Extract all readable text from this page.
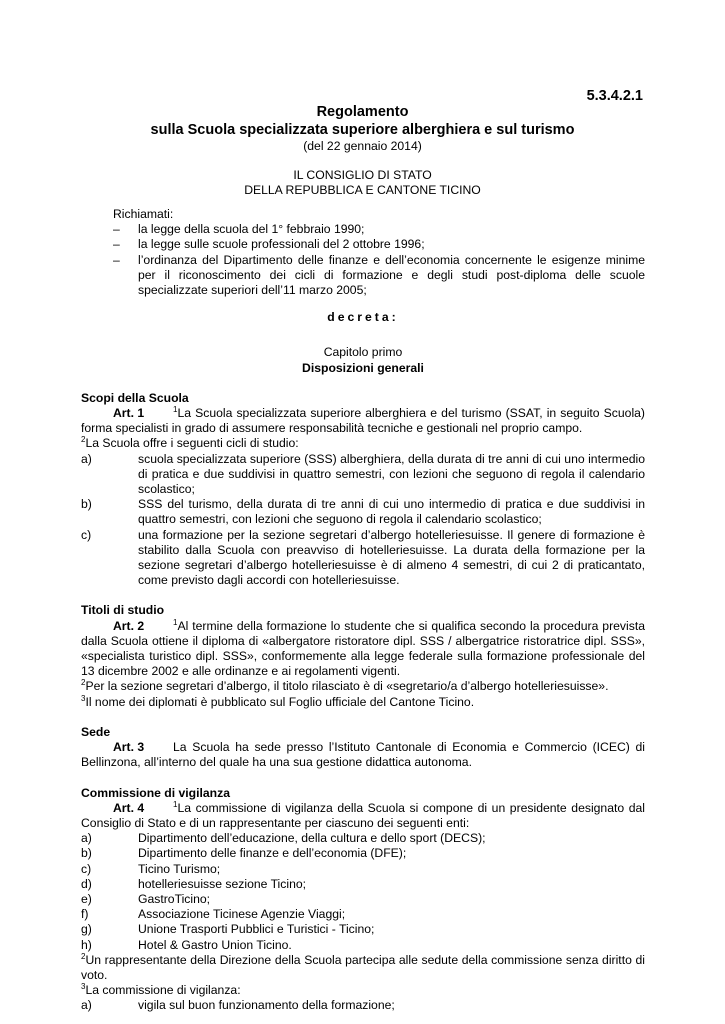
5.3.4.2.1
Regolamento
sulla Scuola specializzata superiore alberghiera e sul turismo
(del 22 gennaio 2014)
IL CONSIGLIO DI STATO
DELLA REPUBBLICA E CANTONE TICINO
Richiamati:
– la legge della scuola del 1° febbraio 1990;
– la legge sulle scuole professionali del 2 ottobre 1996;
– l’ordinanza del Dipartimento delle finanze e dell’economia concernente le esigenze minime per il riconoscimento dei cicli di formazione e degli studi post-diploma delle scuole specializzate superiori dell’11 marzo 2005;
decreta:
Capitolo primo
Disposizioni generali
Scopi della Scuola
Art. 1	$^1$La Scuola specializzata superiore alberghiera e del turismo (SSAT, in seguito Scuola) forma specialisti in grado di assumere responsabilità tecniche e gestionali nel proprio campo.
$^2$La Scuola offre i seguenti cicli di studio:
a)	scuola specializzata superiore (SSS) alberghiera, della durata di tre anni di cui uno intermedio di pratica e due suddivisi in quattro semestri, con lezioni che seguono di regola il calendario scolastico;
b)	SSS del turismo, della durata di tre anni di cui uno intermedio di pratica e due suddivisi in quattro semestri, con lezioni che seguono di regola il calendario scolastico;
c)	una formazione per la sezione segretari d’albergo hotelleriesuisse. Il genere di formazione è stabilito dalla Scuola con preavviso di hotelleriesuisse. La durata della formazione per la sezione segretari d’albergo hotelleriesuisse è di almeno 4 semestri, di cui 2 di praticantato, come previsto dagli accordi con hotelleriesuisse.
Titoli di studio
Art. 2	$^1$Al termine della formazione lo studente che si qualifica secondo la procedura prevista dalla Scuola ottiene il diploma di «albergatore ristoratore dipl. SSS / albergatrice ristoratrice dipl. SSS», «specialista turistico dipl. SSS», conformemente alla legge federale sulla formazione professionale del 13 dicembre 2002 e alle ordinanze e ai regolamenti vigenti.
$^2$Per la sezione segretari d’albergo, il titolo rilasciato è di «segretario/a d’albergo hotelleriesuisse».
$^3$Il nome dei diplomati è pubblicato sul Foglio ufficiale del Cantone Ticino.
Sede
Art. 3 La Scuola ha sede presso l’Istituto Cantonale di Economia e Commercio (ICEC) di Bellinzona, all’interno del quale ha una sua gestione didattica autonoma.
Commissione di vigilanza
Art. 4	$^1$La commissione di vigilanza della Scuola si compone di un presidente designato dal Consiglio di Stato e di un rappresentante per ciascuno dei seguenti enti:
a)	Dipartimento dell’educazione, della cultura e dello sport (DECS);
b)	Dipartimento delle finanze e dell’economia (DFE);
c)	Ticino Turismo;
d)	hotelleriesuisse sezione Ticino;
e)	GastroTicino;
f)	Associazione Ticinese Agenzie Viaggi;
g)	Unione Trasporti Pubblici e Turistici - Ticino;
h)	Hotel & Gastro Union Ticino.
$^2$Un rappresentante della Direzione della Scuola partecipa alle sedute della commissione senza diritto di voto.
$^3$La commissione di vigilanza:
a)	vigila sul buon funzionamento della formazione;
